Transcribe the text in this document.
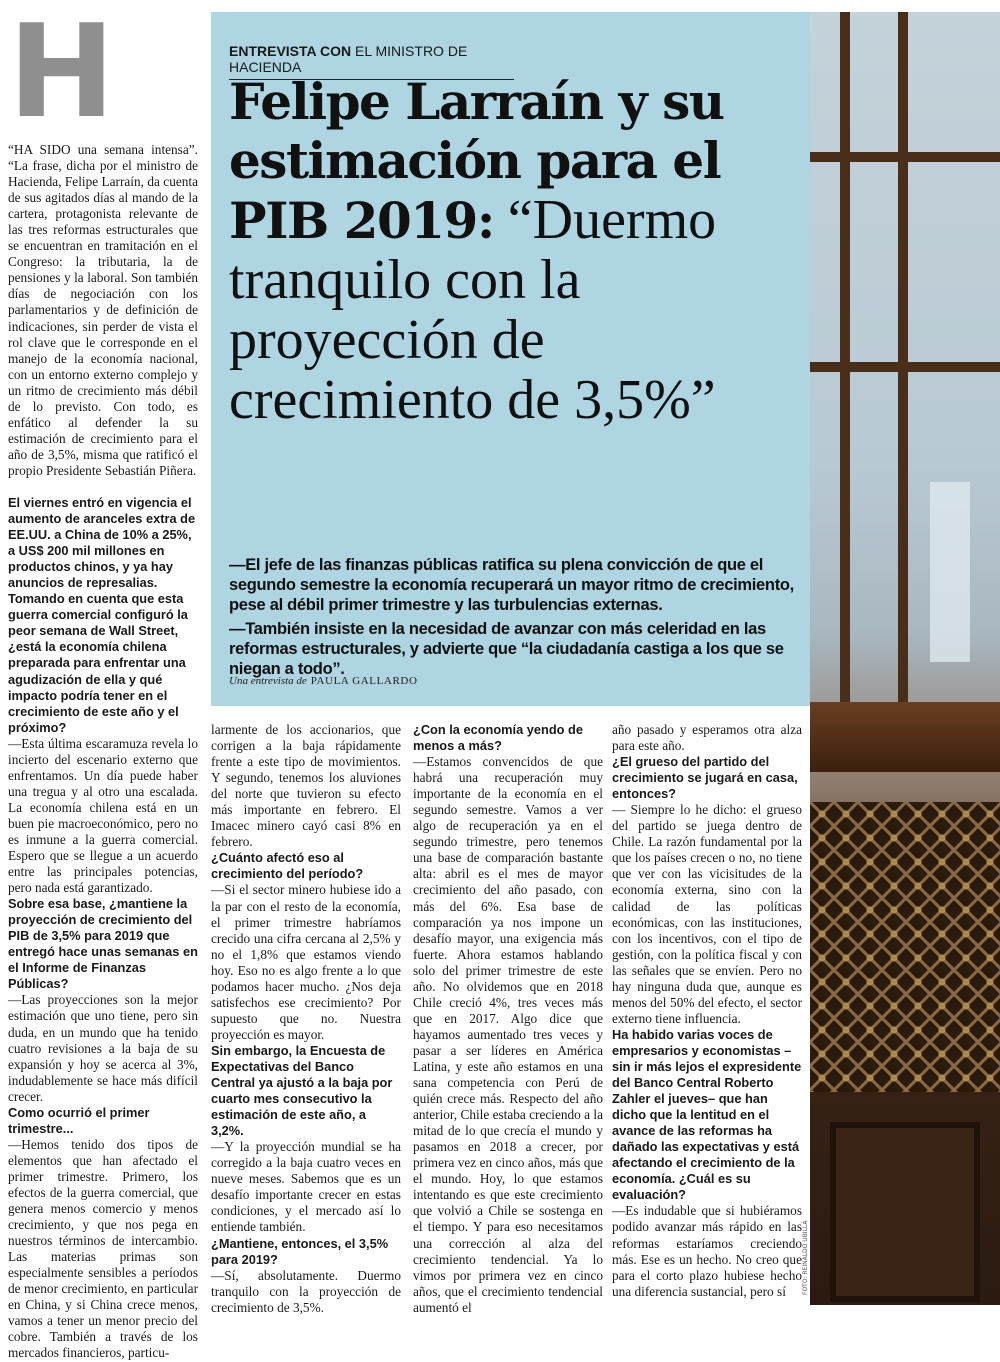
FOTO: REINALDO UBILLA
ENTREVISTA CON EL MINISTRO DE HACIENDA
Felipe Larraín y su estimación para el PIB 2019: “Duermo tranquilo con la proyección de crecimiento de 3,5%”

—El jefe de las finanzas públicas ratifica su plena convicción de que el segundo semestre la economía recuperará un mayor ritmo de crecimiento, pese al débil primer trimestre y las turbulencias externas.

—También insiste en la necesidad de avanzar con más celeridad en las reformas estructurales, y advierte que “la ciudadanía castiga a los que se niegan a todo”.

Una entrevista de PAULA GALLARDO
H

“HA SIDO una semana intensa”. “La frase, dicha por el ministro de Hacienda, Felipe Larraín, da cuenta de sus agitados días al mando de la cartera, protagonista relevante de las tres reformas estructurales que se encuentran en tramitación en el Congreso: la tributaria, la de pensiones y la laboral. Son también días de negociación con los parlamentarios y de definición de indicaciones, sin perder de vista el rol clave que le corresponde en el manejo de la economía nacional, con un entorno externo complejo y un ritmo de crecimiento más débil de lo previsto. Con todo, es enfático al defender la su estimación de crecimiento para el año de 3,5%, misma que ratificó el propio Presidente Sebastián Piñera.

El viernes entró en vigencia el aumento de aranceles extra de EE.UU. a China de 10% a 25%, a US$ 200 mil millones en productos chinos, y ya hay anuncios de represalias. Tomando en cuenta que esta guerra comercial configuró la peor semana de Wall Street, ¿está la economía chilena preparada para enfrentar una agudización de ella y qué impacto podría tener en el crecimiento de este año y el próximo?

—Esta última escaramuza revela lo incierto del escenario externo que enfrentamos. Un día puede haber una tregua y al otro una escalada. La economía chilena está en un buen pie macroeconómico, pero no es inmune a la guerra comercial. Espero que se llegue a un acuerdo entre las principales potencias, pero nada está garantizado.

Sobre esa base, ¿mantiene la proyección de crecimiento del PIB de 3,5% para 2019 que entregó hace unas semanas en el Informe de Finanzas Públicas?

—Las proyecciones son la mejor estimación que uno tiene, pero sin duda, en un mundo que ha tenido cuatro revisiones a la baja de su expansión y hoy se acerca al 3%, indudablemente se hace más difícil crecer.

Como ocurrió el primer trimestre...

—Hemos tenido dos tipos de elementos que han afectado el primer trimestre. Primero, los efectos de la guerra comercial, que genera menos comercio y menos crecimiento, y que nos pega en nuestros términos de intercambio. Las materias primas son especialmente sensibles a períodos de menor crecimiento, en particular en China, y si China crece menos, vamos a tener un menor precio del cobre. También a través de los mercados financieros, particu-

larmente de los accionarios, que corrigen a la baja rápidamente frente a este tipo de movimientos. Y segundo, tenemos los aluviones del norte que tuvieron su efecto más importante en febrero. El Imacec minero cayó casi 8% en febrero.

¿Cuánto afectó eso al crecimiento del período?

—Si el sector minero hubiese ido a la par con el resto de la economía, el primer trimestre habríamos crecido una cifra cercana al 2,5% y no el 1,8% que estamos viendo hoy. Eso no es algo frente a lo que podamos hacer mucho. ¿Nos deja satisfechos ese crecimiento? Por supuesto que no. Nuestra proyección es mayor.

Sin embargo, la Encuesta de Expectativas del Banco Central ya ajustó a la baja por cuarto mes consecutivo la estimación de este año, a 3,2%.

—Y la proyección mundial se ha corregido a la baja cuatro veces en nueve meses. Sabemos que es un desafío importante crecer en estas condiciones, y el mercado así lo entiende también.

¿Mantiene, entonces, el 3,5% para 2019?

—Sí, absolutamente. Duermo tranquilo con la proyección de crecimiento de 3,5%.

¿Con la economía yendo de menos a más?

—Estamos convencidos de que habrá una recuperación muy importante de la economía en el segundo semestre. Vamos a ver algo de recuperación ya en el segundo trimestre, pero tenemos una base de comparación bastante alta: abril es el mes de mayor crecimiento del año pasado, con más del 6%. Esa base de comparación ya nos impone un desafío mayor, una exigencia más fuerte. Ahora estamos hablando solo del primer trimestre de este año. No olvidemos que en 2018 Chile creció 4%, tres veces más que en 2017. Algo dice que hayamos aumentado tres veces y pasar a ser líderes en América Latina, y este año estamos en una sana competencia con Perú de quién crece más. Respecto del año anterior, Chile estaba creciendo a la mitad de lo que crecía el mundo y pasamos en 2018 a crecer, por primera vez en cinco años, más que el mundo. Hoy, lo que estamos intentando es que este crecimiento que volvió a Chile se sostenga en el tiempo. Y para eso necesitamos una corrección al alza del crecimiento tendencial. Ya lo vimos por primera vez en cinco años, que el crecimiento tendencial aumentó el

año pasado y esperamos otra alza para este año.

¿El grueso del partido del crecimiento se jugará en casa, entonces?

— Siempre lo he dicho: el grueso del partido se juega dentro de Chile. La razón fundamental por la que los países crecen o no, no tiene que ver con las vicisitudes de la economía externa, sino con la calidad de las políticas económicas, con las instituciones, con los incentivos, con el tipo de gestión, con la política fiscal y con las señales que se envíen. Pero no hay ninguna duda que, aunque es menos del 50% del efecto, el sector externo tiene influencia.

Ha habido varias voces de empresarios y economistas –sin ir más lejos el expresidente del Banco Central Roberto Zahler el jueves– que han dicho que la lentitud en el avance de las reformas ha dañado las expectativas y está afectando el crecimiento de la economía. ¿Cuál es su evaluación?

—Es indudable que si hubiéramos podido avanzar más rápido en las reformas estaríamos creciendo más. Ese es un hecho. No creo que para el corto plazo hubiese hecho una diferencia sustancial, pero sí
